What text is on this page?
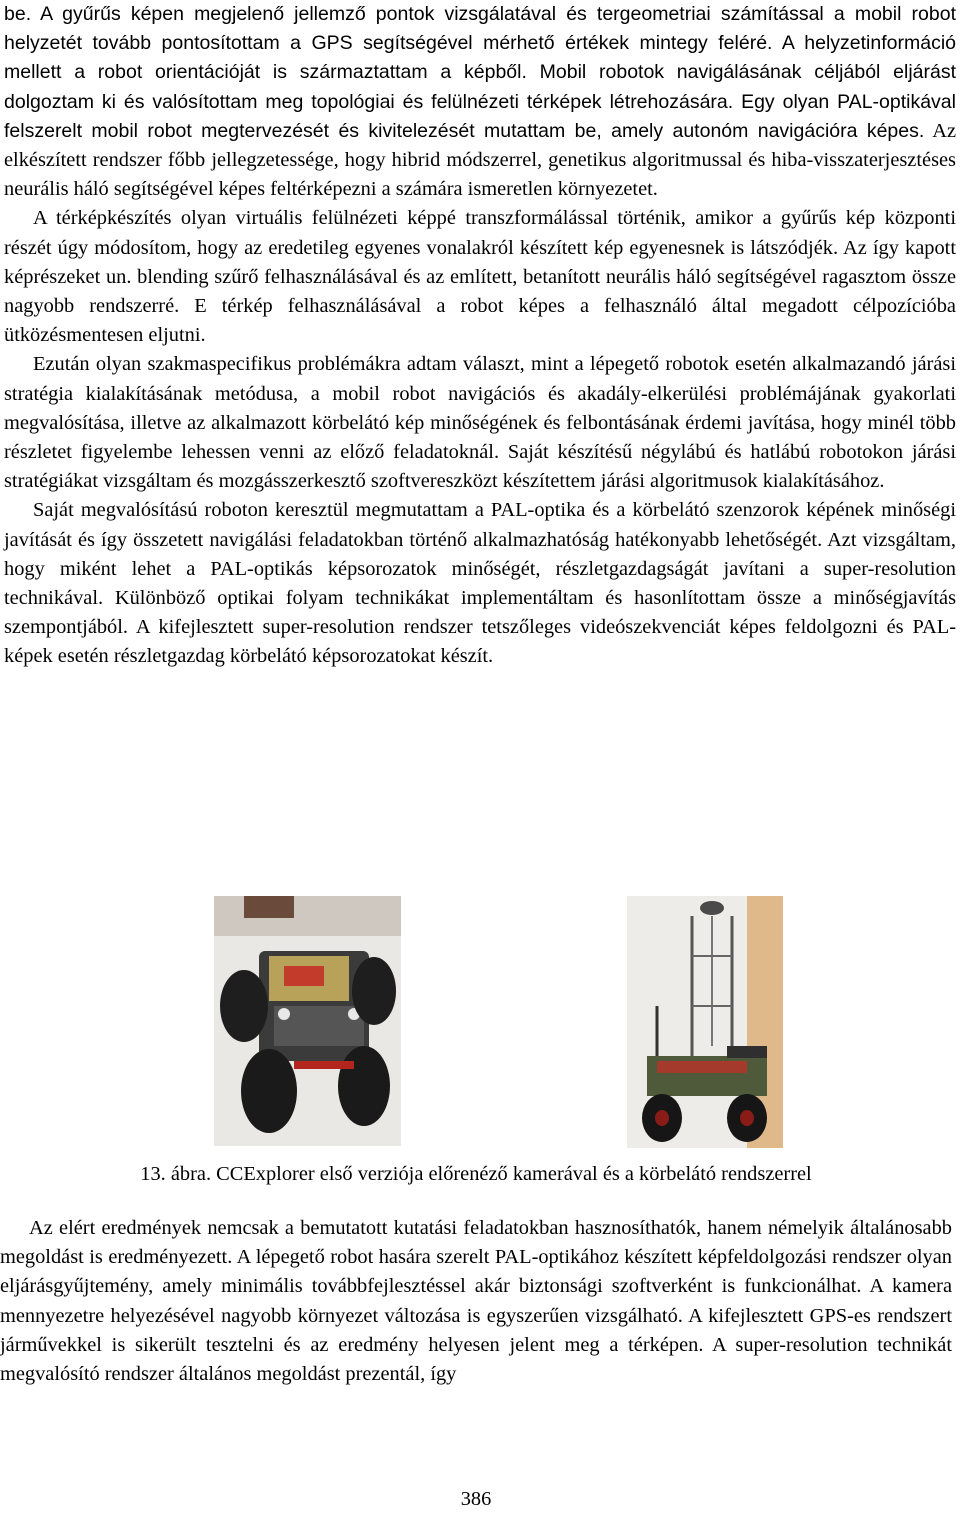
be. A gyűrűs képen megjelenő jellemző pontok vizsgálatával és tergeometriai számítással a mobil robot helyzetét tovább pontosítottam a GPS segítségével mérhető értékek mintegy feléré. A helyzetinformáció mellett a robot orientációját is származtattam a képből. Mobil robotok navigálásának céljából eljárást dolgoztam ki és valósítottam meg topológiai és felülnézeti térképek létrehozására. Egy olyan PAL-optikával felszerelt mobil robot megtervezését és kivitelezését mutattam be, amely autonóm navigációra képes. Az elkészített rendszer főbb jellegzetessége, hogy hibrid módszerrel, genetikus algoritmussal és hiba-visszaterjesztéses neurális háló segítségével képes feltérképezni a számára ismeretlen környezetet.

A térképkészítés olyan virtuális felülnézeti képpé transzformálással történik, amikor a gyűrűs kép központi részét úgy módosítom, hogy az eredetileg egyenes vonalakról készített kép egyenesnek is látszódjék. Az így kapott képrészeket un. blending szűrő felhasználásával és az említett, betanított neurális háló segítségével ragasztom össze nagyobb rendszerré. E térkép felhasználásával a robot képes a felhasználó által megadott célpozícióba ütközésmentesen eljutni.

Ezután olyan szakmaspecifikus problémákra adtam választ, mint a lépegető robotok esetén alkalmazandó járási stratégia kialakításának metódusa, a mobil robot navigációs és akadály-elkerülési problémájának gyakorlati megvalósítása, illetve az alkalmazott körbelátó kép minőségének és felbontásának érdemi javítása, hogy minél több részletet figyelembe lehessen venni az előző feladatoknál. Saját készítésű négylábú és hatlábú robotokon járási stratégiákat vizsgáltam és mozgásszerkesztő szoftvereszközt készítettem járási algoritmusok kialakításához.

Saját megvalósítású roboton keresztül megmutattam a PAL-optika és a körbelátó szenzorok képének minőségi javítását és így összetett navigálási feladatokban történő alkalmazhatóság hatékonyabb lehetőségét. Azt vizsgáltam, hogy miként lehet a PAL-optikás képsorozatok minőségét, részletgazdagságát javítani a super-resolution technikával. Különböző optikai folyam technikákat implementáltam és hasonlítottam össze a minőségjavítás szempontjából. A kifejlesztett super-resolution rendszer tetszőleges videószekvenciát képes feldolgozni és PAL-képek esetén részletgazdag körbelátó képsorozatokat készít.

13. ábra. CCExplorer első verziója előrenéző kamerával és a körbelátó rendszerrel

Az elért eredmények nemcsak a bemutatott kutatási feladatokban hasznosíthatók, hanem némelyik általánosabb megoldást is eredményezett. A lépegető robot hasára szerelt PAL-optikához készített képfeldolgozási rendszer olyan eljárásgyűjtemény, amely minimális továbbfejlesztéssel akár biztonsági szoftverként is funkcionálhat. A kamera mennyezetre helyezésével nagyobb környezet változása is egyszerűen vizsgálható. A kifejlesztett GPS-es rendszert járművekkel is sikerült tesztelni és az eredmény helyesen jelent meg a térképen. A super-resolution technikát megvalósító rendszer általános megoldást prezentál, így

386
